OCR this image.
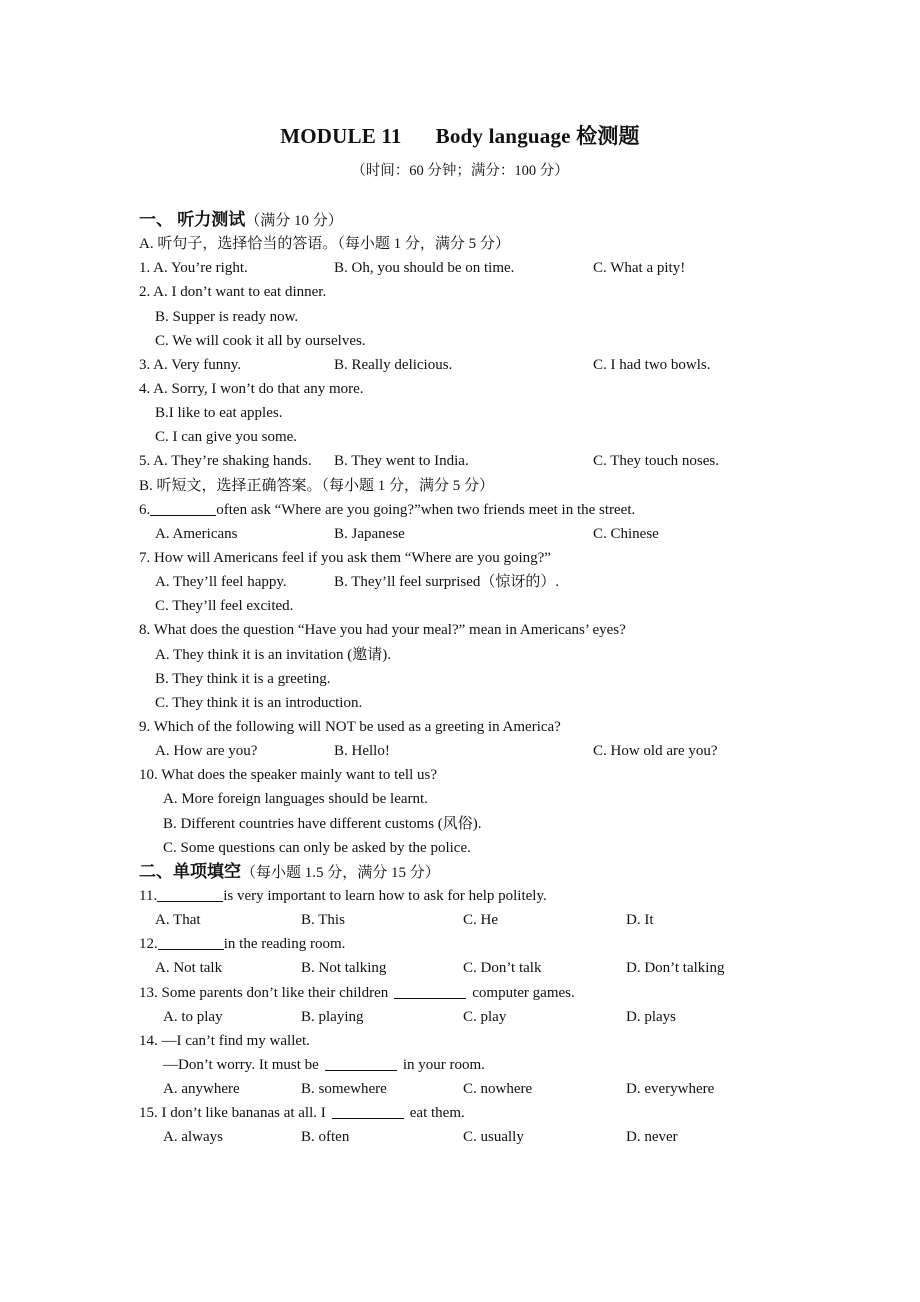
MODULE 11 Body language 检测题
（时间：60 分钟；满分：100 分）
一、 听力测试（满分 10 分）
A. 听句子，选择恰当的答语。（每小题 1 分，满分 5 分）
1. A. You’re right.	B. Oh, you should be on time.	C. What a pity!
2. A. I don’t want to eat dinner.
B. Supper is ready now.
C. We will cook it all by ourselves.
3. A. Very funny.	B. Really delicious.	C. I had two bowls.
4. A. Sorry, I won’t do that any more.
B.I like to eat apples.
C. I can give you some.
5. A. They’re shaking hands. B. They went to India.	C. They touch noses.
B. 听短文，选择正确答案。（每小题 1 分，满分 5 分）
6.	often ask “Where are you going?”when two friends meet in the street.
A. Americans	B. Japanese	C. Chinese
7. How will Americans feel if you ask them “Where are you going?”
A. They’ll feel happy.	B. They’ll feel surprised（惊讶的）.
C. They’ll feel excited.
8. What does the question “Have you had your meal?” mean in Americans’ eyes?
A. They think it is an invitation (邀请).
B. They think it is a greeting.
C. They think it is an introduction.
9. Which of the following will NOT be used as a greeting in America?
A. How are you?	B. Hello!	C. How old are you?
10. What does the speaker mainly want to tell us?
A. More foreign languages should be learnt.
B. Different countries have different customs (风俗).
C. Some questions can only be asked by the police.
二、单项填空（每小题 1.5 分，满分 15 分）
11.	is very important to learn how to ask for help politely.
A. That	B. This	C. He	D. It
12.	in the reading room.
A. Not talk	B. Not talking	C. Don’t talk	D. Don’t talking
13. Some parents don’t like their children	computer games.
A. to play	B. playing	C. play	D. plays
14. —I can’t find my wallet.
—Don’t worry. It must be	in your room.
A. anywhere	B. somewhere	C. nowhere	D. everywhere
15. I don’t like bananas at all. I	eat them.
A. always	B. often	C. usually	D. never
